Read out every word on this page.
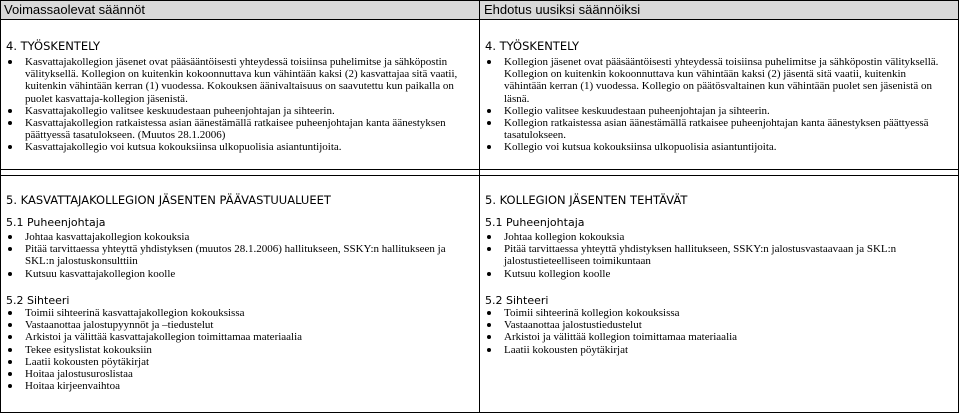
Voimassaolevat säännöt	Ehdotus uusiksi säännöiksi
4. TYÖSKENTELY
Kasvattajakollegion jäsenet ovat pääsääntöisesti yhteydessä toisiinsa puhelimitse ja sähköpostin välityksellä. Kollegion on kuitenkin kokoonnuttava kun vähintään kaksi (2) kasvattajaa sitä vaatii, kuitenkin vähintään kerran (1) vuodessa. Kokouksen äänivaltaisuus on saavutettu kun paikalla on puolet kasvattaja-kollegion jäsenistä.
Kasvattajakollegio valitsee keskuudestaan puheenjohtajan ja sihteerin.
Kasvattajakollegion ratkaistessa asian äänestämällä ratkaisee puheenjohtajan kanta äänestyksen päättyessä tasatulokseen. (Muutos 28.1.2006)
Kasvattajakollegio voi kutsua kokouksiinsa ulkopuolisia asiantuntijoita.
5. KASVATTAJAKOLLEGION JÄSENTEN PÄÄVASTUUALUEET
5.1 Puheenjohtaja
Johtaa kasvattajakollegion kokouksia
Pitää tarvittaessa yhteyttä yhdistyksen (muutos 28.1.2006) hallitukseen, SSKY:n hallitukseen ja SKL:n jalostuskonsulttiin
Kutsuu kasvattajakollegion koolle
5.2 Sihteeri
Toimii sihteerinä kasvattajakollegion kokouksissa
Vastaanottaa jalostupyynnöt ja –tiedustelut
Arkistoi ja välittää kasvattajakollegion toimittamaa materiaalia
Tekee esityslistat kokouksiin
Laatii kokousten pöytäkirjat
Hoitaa jalostusuroslistaa
Hoitaa kirjeenvaihtoa
4. TYÖSKENTELY
Kollegion jäsenet ovat pääsääntöisesti yhteydessä toisiinsa puhelimitse ja sähköpostin välityksellä. Kollegion on kuitenkin kokoonnuttava kun vähintään kaksi (2) jäsentä sitä vaatii, kuitenkin vähintään kerran (1) vuodessa. Kollegio on päätösvaltainen kun vähintään puolet sen jäsenistä on läsnä.
Kollegio valitsee keskuudestaan puheenjohtajan ja sihteerin.
Kollegion ratkaistessa asian äänestämällä ratkaisee puheenjohtajan kanta äänestyksen päättyessä tasatulokseen.
Kollegio voi kutsua kokouksiinsa ulkopuolisia asiantuntijoita.
5. KOLLEGION JÄSENTEN TEHTÄVÄT
5.1 Puheenjohtaja
Johtaa kollegion kokouksia
Pitää tarvittaessa yhteyttä yhdistyksen hallitukseen, SSKY:n jalostusvastaavaan ja SKL:n jalostustieteelliseen toimikuntaan
Kutsuu kollegion koolle
5.2 Sihteeri
Toimii sihteerinä kollegion kokouksissa
Vastaanottaa jalostustiedustelut
Arkistoi ja välittää kollegion toimittamaa materiaalia
Laatii kokousten pöytäkirjat
